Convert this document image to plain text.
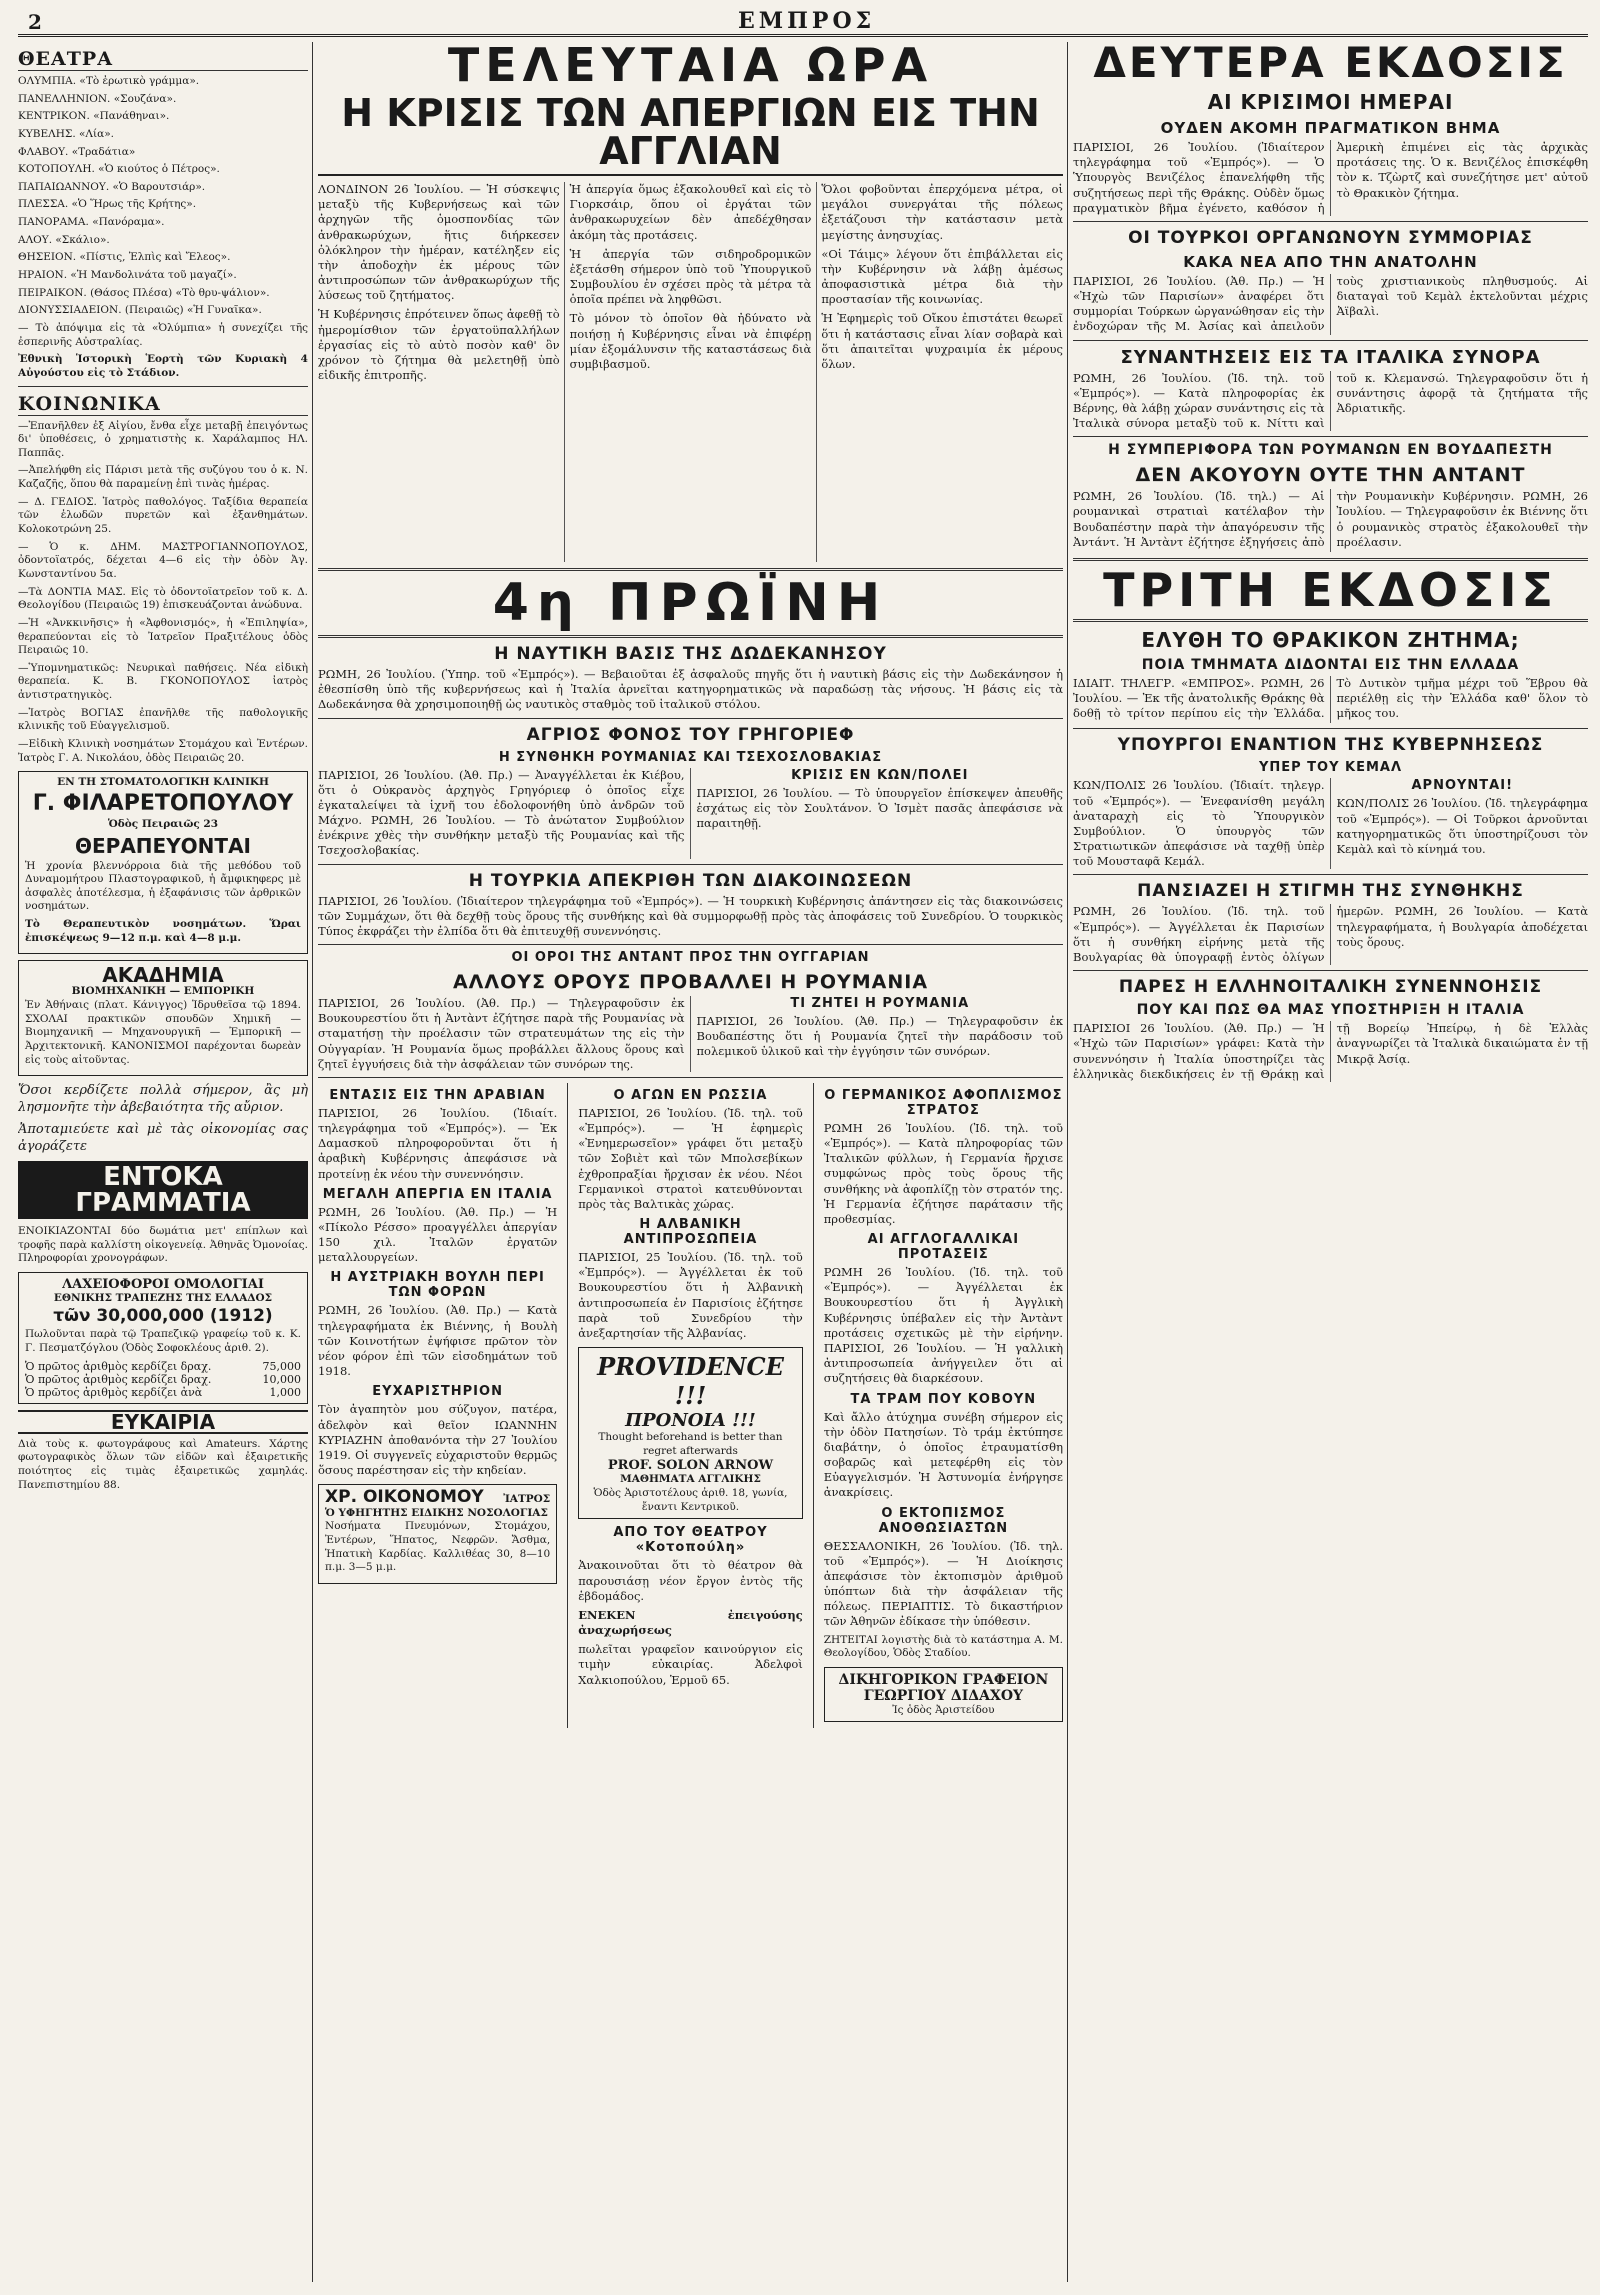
2	ΕΜΠΡΟΣ
ΘΕΑΤΡΑ

ΟΛΥΜΠΙΑ. «Τὸ ἐρωτικὸ γράμμα».

ΠΑΝΕΛΛΗΝΙΟΝ. «Σουζάνα».

ΚΕΝΤΡΙΚΟΝ. «Πανάθηναι».

ΚΥΒΕΛΗΣ. «Λία».

ΦΛΑΒΟΥ. «Τραδάτια»

ΚΟΤΟΠΟΥΛΗ. «Ὁ κιούτος ὁ Πέτρος».

ΠΑΠΑΙΩΑΝΝΟΥ. «Ὁ Βαρουτσιάρ».

ΠΛΕΣΣΑ. «Ὁ Ἥρως τῆς Κρήτης».

ΠΑΝΟΡΑΜΑ. «Πανόραμα».

ΑΛΟΥ. «Σκάλιο».

ΘΗΣΕΙΟΝ. «Πίστις, Ἐλπὶς καὶ Ἔλεος».

ΗΡΑΙΟΝ. «Ἡ Μανδολινάτα τοῦ μαγαζί».

ΠΕΙΡΑΙΚΟΝ. (Θάσος Πλέσα) «Τὸ θρυ-ψάλιον».

ΔΙΟΝΥΣΣΙΑΔΕΙΟΝ. (Πειραιῶς) «Ἡ Γυναῖκα».

— Τὸ ἀπόψιμα εἰς τὰ «Ὀλύμπια» ἡ συνεχίζει τῆς ἐσπερινῆς Αὐστραλίας.

Ἐθνικὴ Ἱστορικὴ Ἑορτὴ τῶν Κυριακὴ 4 Αὐγούστου εἰς τὸ Στάδιον.

ΚΟΙΝΩΝΙΚΑ

—Ἐπανῆλθεν ἐξ Αἰγίου, ἔνθα εἶχε μεταβῇ ἐπειγόντως δι' ὑποθέσεις, ὁ χρηματιστὴς κ. Χαράλαμπος ΗΛ. Παππᾶς.

—Ἀπελήφθη εἰς Πάρισι μετὰ τῆς συζύγου του ὁ κ. Ν. Καζαζῆς, ὅπου θὰ παραμείνῃ ἐπὶ τινὰς ἡμέρας.

— Δ. ΓΕΔΙΟΣ. Ἰατρὸς παθολόγος. Ταξίδια θεραπεία τῶν ἑλωδῶν πυρετῶν καὶ ἐξανθημάτων. Κολοκοτρώνη 25.

— Ὁ κ. ΔΗΜ. ΜΑΣΤΡΟΓΙΑΝΝΟΠΟΥΛΟΣ, ὀδοντοϊατρός, δέχεται 4—6 εἰς τὴν ὁδὸν Ἀγ. Κωνσταντίνου 5α.

—Τὰ ΔΟΝΤΙΑ ΜΑΣ. Εἰς τὸ ὀδοντοϊατρεῖον τοῦ κ. Δ. Θεολογίδου (Πειραιῶς 19) ἐπισκευάζονται ἀνώδυνα.

—Ἡ «Ἀνκκινῆσις» ἡ «Ἀφθονισμός», ἡ «Ἐπιληψία», θεραπεύονται εἰς τὸ Ἰατρεῖον Πραξιτέλους ὁδὸς Πειραιῶς 10.

—Ὑπομνηματικῶς: Νευρικαὶ παθήσεις. Νέα εἰδικὴ θεραπεία. Κ. Β. ΓΚΟΝΟΠΟΥΛΟΣ ἰατρὸς ἀντιστρατηγικὸς.

—Ἰατρὸς ΒΟΓΙΑΣ ἐπανῆλθε τῆς παθολογικῆς κλινικῆς τοῦ Εὐαγγελισμοῦ.

—Εἰδικὴ Κλινικὴ νοσημάτων Στομάχου καὶ Ἐντέρων. Ἰατρὸς Γ. Α. Νικολάου, ὁδὸς Πειραιῶς 20.

ΕΝ ΤΗ ΣΤΟΜΑΤΟΛΟΓΙΚΗ ΚΛΙΝΙΚΗ
Γ. ΦΙΛΑΡΕΤΟΠΟΥΛΟΥ
Ὁδὸς Πειραιῶς 23
ΘΕΡΑΠΕΥΟΝΤΑΙ

Ἡ χρονία βλεννόρροια διὰ τῆς μεθόδου τοῦ Δυναμομήτρου Πλαστογραφικοῦ, ἡ ἄμφικηφερς μὲ ἀσφαλὲς ἀποτέλεσμα, ἡ ἐξαφάνισις τῶν ἀρθρικῶν νοσημάτων.

Τὸ Θεραπευτικὸν νοσημάτων. Ὥραι ἐπισκέψεως 9—12 π.μ. καὶ 4—8 μ.μ.

ΑΚΑΔΗΜΙΑ
ΒΙΟΜΗΧΑΝΙΚΗ — ΕΜΠΟΡΙΚΗ

Ἐν Ἀθήναις (πλατ. Κάνιγγος) Ἱδρυθεῖσα τῷ 1894. ΣΧΟΛΑΙ πρακτικῶν σπουδῶν Χημικῆ — Βιομηχανικῆ — Μηχανουργικῆ — Ἐμπορικῆ — Ἀρχιτεκτονικῆ. ΚΑΝΟΝΙΣΜΟΙ παρέχονται δωρεὰν εἰς τοὺς αἰτοῦντας.

Ὅσοι κερδίζετε πολλὰ σήμερον, ἂς μὴ λησμονῆτε τὴν ἀβεβαιότητα τῆς αὔριον.

Ἀποταμιεύετε καὶ μὲ τὰς οἰκονομίας σας ἀγοράζετε

ΕΝΤΟΚΑ ΓΡΑΜΜΑΤΙΑ

ΕΝΟΙΚΙΑΖΟΝΤΑΙ δύο δωμάτια μετ' επίπλων καὶ τροφῆς παρὰ καλλίστη οἰκογενείᾳ. Ἀθηνᾶς Ὀμονοίας. Πληροφορίαι χρονογράφων.

ΛΑΧΕΙΟΦΟΡΟΙ ΟΜΟΛΟΓΙΑΙ
ΕΘΝΙΚΗΣ ΤΡΑΠΕΖΗΣ ΤΗΣ ΕΛΛΑΔΟΣ
τῶν 30,000,000 (1912)

Πωλοῦνται παρὰ τῷ Τραπεζικῷ γραφείῳ τοῦ κ. Κ. Γ. Πεσματζόγλου (Ὁδὸς Σοφοκλέους ἀριθ. 2).

Ὁ πρῶτος ἀριθμὸς κερδίζει δραχ.	75,000
Ὁ πρῶτος ἀριθμὸς κερδίζει δραχ.	10,000
Ὁ πρῶτος ἀριθμὸς κερδίζει ἀνὰ	1,000
ΕΥΚΑΙΡΙΑ

Διὰ τοὺς κ. φωτογράφους καὶ Amateurs. Χάρτης φωτογραφικὸς ὅλων τῶν εἰδῶν καὶ ἐξαιρετικῆς ποιότητος εἰς τιμὰς ἐξαιρετικῶς χαμηλάς. Πανεπιστημίου 88.

ΤΕΛΕΥΤΑΙΑ ΩΡΑ
Η ΚΡΙΣΙΣ ΤΩΝ ΑΠΕΡΓΙΩΝ ΕΙΣ ΤΗΝ ΑΓΓΛΙΑΝ

ΛΟΝΔΙΝΟΝ 26 Ἰουλίου. — Ἡ σύσκεψις μεταξὺ τῆς Κυβερνήσεως καὶ τῶν ἀρχηγῶν τῆς ὁμοσπονδίας τῶν ἀνθρακωρύχων, ἥτις διήρκεσεν ὁλόκληρον τὴν ἡμέραν, κατέληξεν εἰς τὴν ἀποδοχὴν ἐκ μέρους τῶν ἀντιπροσώπων τῶν ἀνθρακωρύχων τῆς λύσεως τοῦ ζητήματος.

Ἡ Κυβέρνησις ἐπρότεινεν ὅπως ἀφεθῇ τὸ ἡμερομίσθιον τῶν ἐργατοϋπαλλήλων ἐργασίας εἰς τὸ αὐτὸ ποσὸν καθ' ὃν χρόνον τὸ ζήτημα θὰ μελετηθῇ ὑπὸ εἰδικῆς ἐπιτροπῆς.

Ἡ ἀπεργία ὅμως ἐξακολουθεῖ καὶ εἰς τὸ Γιορκσάιρ, ὅπου οἱ ἐργάται τῶν ἀνθρακωρυχείων δὲν ἀπεδέχθησαν ἀκόμη τὰς προτάσεις.

Ἡ ἀπεργία τῶν σιδηροδρομικῶν ἐξετάσθη σήμερον ὑπὸ τοῦ Ὑπουργικοῦ Συμβουλίου ἐν σχέσει πρὸς τὰ μέτρα τὰ ὁποῖα πρέπει νὰ ληφθῶσι.

Τὸ μόνον τὸ ὁποῖον θὰ ἠδύνατο νὰ ποιήσῃ ἡ Κυβέρνησις εἶναι νὰ ἐπιφέρῃ μίαν ἐξομάλυνσιν τῆς καταστάσεως διὰ συμβιβασμοῦ.

Ὅλοι φοβοῦνται ἐπερχόμενα μέτρα, οἱ μεγάλοι συνεργάται τῆς πόλεως ἐξετάζουσι τὴν κατάστασιν μετὰ μεγίστης ἀνησυχίας.

«Οἱ Τάιμς» λέγουν ὅτι ἐπιβάλλεται εἰς τὴν Κυβέρνησιν νὰ λάβῃ ἀμέσως ἀποφασιστικὰ μέτρα διὰ τὴν προστασίαν τῆς κοινωνίας.

Ἡ Ἐφημερὶς τοῦ Οἴκου ἐπιστάτει θεωρεῖ ὅτι ἡ κατάστασις εἶναι λίαν σοβαρὰ καὶ ὅτι ἀπαιτεῖται ψυχραιμία ἐκ μέρους ὅλων.

4η ΠΡΩΪΝΗ
Η ΝΑΥΤΙΚΗ ΒΑΣΙΣ ΤΗΣ ΔΩΔΕΚΑΝΗΣΟΥ

ΡΩΜΗ, 26 Ἰουλίου. (Ὑπηρ. τοῦ «Ἐμπρός»). — Βεβαιοῦται ἐξ ἀσφαλοῦς πηγῆς ὅτι ἡ ναυτικὴ βάσις εἰς τὴν Δωδεκάνησον ἡ ἐθεσπίσθη ὑπὸ τῆς κυβερνήσεως καὶ ἡ Ἰταλία ἀρνεῖται κατηγορηματικῶς νὰ παραδώσῃ τὰς νήσους. Ἡ βάσις εἰς τὰ Δωδεκάνησα θὰ χρησιμοποιηθῇ ὡς ναυτικὸς σταθμὸς τοῦ ἰταλικοῦ στόλου.

ΑΓΡΙΟΣ ΦΟΝΟΣ ΤΟΥ ΓΡΗΓΟΡΙΕΦ
Η ΣΥΝΘΗΚΗ ΡΟΥΜΑΝΙΑΣ ΚΑΙ ΤΣΕΧΟΣΛΟΒΑΚΙΑΣ

ΠΑΡΙΣΙΟΙ, 26 Ἰουλίου. (Ἀθ. Πρ.) — Ἀναγγέλλεται ἐκ Κιέβου, ὅτι ὁ Οὐκρανὸς ἀρχηγὸς Γρηγόριεφ ὁ ὁποῖος εἶχε ἐγκαταλείψει τὰ ἰχνῆ του ἐδολοφονήθη ὑπὸ ἀνδρῶν τοῦ Μάχνο. ΡΩΜΗ, 26 Ἰουλίου. — Τὸ ἀνώτατον Συμβούλιον ἐνέκρινε χθὲς τὴν συνθήκην μεταξὺ τῆς Ρουμανίας καὶ τῆς Τσεχοσλοβακίας.

ΚΡΙΣΙΣ ΕΝ ΚΩΝ/ΠΟΛΕΙ

ΠΑΡΙΣΙΟΙ, 26 Ἰουλίου. — Τὸ ὑπουργεῖον ἐπίσκεψεν ἀπευθῆς ἐσχάτως εἰς τὸν Σουλτάνον. Ὁ Ἰσμὲτ πασᾶς ἀπεφάσισε νὰ παραιτηθῇ.

Η ΤΟΥΡΚΙΑ ΑΠΕΚΡΙΘΗ ΤΩΝ ΔΙΑΚΟΙΝΩΣΕΩΝ

ΠΑΡΙΣΙΟΙ, 26 Ἰουλίου. (Ἰδιαίτερον τηλεγράφημα τοῦ «Ἐμπρός»). — Ἡ τουρκικὴ Κυβέρνησις ἀπάντησεν εἰς τὰς διακοινώσεις τῶν Συμμάχων, ὅτι θὰ δεχθῇ τοὺς ὅρους τῆς συνθήκης καὶ θὰ συμμορφωθῇ πρὸς τὰς ἀποφάσεις τοῦ Συνεδρίου. Ὁ τουρκικὸς Τύπος ἐκφράζει τὴν ἐλπίδα ὅτι θὰ ἐπιτευχθῇ συνεννόησις.

ΟΙ ΟΡΟΙ ΤΗΣ ΑΝΤΑΝΤ ΠΡΟΣ ΤΗΝ ΟΥΓΓΑΡΙΑΝ
ΑΛΛΟΥΣ ΟΡΟΥΣ ΠΡΟΒΑΛΛΕΙ Η ΡΟΥΜΑΝΙΑ

ΠΑΡΙΣΙΟΙ, 26 Ἰουλίου. (Ἀθ. Πρ.) — Τηλεγραφοῦσιν ἐκ Βουκουρεστίου ὅτι ἡ Ἀντὰντ ἐζήτησε παρὰ τῆς Ρουμανίας νὰ σταματήσῃ τὴν προέλασιν τῶν στρατευμάτων της εἰς τὴν Οὐγγαρίαν. Ἡ Ρουμανία ὅμως προβάλλει ἄλλους ὅρους καὶ ζητεῖ ἐγγυήσεις διὰ τὴν ἀσφάλειαν τῶν συνόρων της.

ΤΙ ΖΗΤΕΙ Η ΡΟΥΜΑΝΙΑ

ΠΑΡΙΣΙΟΙ, 26 Ἰουλίου. (Ἀθ. Πρ.) — Τηλεγραφοῦσιν ἐκ Βουδαπέστης ὅτι ἡ Ρουμανία ζητεῖ τὴν παράδοσιν τοῦ πολεμικοῦ ὑλικοῦ καὶ τὴν ἐγγύησιν τῶν συνόρων.

ΕΝΤΑΣΙΣ ΕΙΣ ΤΗΝ ΑΡΑΒΙΑΝ

ΠΑΡΙΣΙΟΙ, 26 Ἰουλίου. (Ἰδιαίτ. τηλεγράφημα τοῦ «Ἐμπρός»). — Ἐκ Δαμασκοῦ πληροφοροῦνται ὅτι ἡ ἀραβικὴ Κυβέρνησις ἀπεφάσισε νὰ προτείνῃ ἐκ νέου τὴν συνεννόησιν.

ΜΕΓΑΛΗ ΑΠΕΡΓΙΑ ΕΝ ΙΤΑΛΙΑ

ΡΩΜΗ, 26 Ἰουλίου. (Ἀθ. Πρ.) — Ἡ «Πίκολο Ρέσσο» προαγγέλλει ἀπεργίαν 150 χιλ. Ἰταλῶν ἐργατῶν μεταλλουργείων.

Η ΑΥΣΤΡΙΑΚΗ ΒΟΥΛΗ ΠΕΡΙ ΤΩΝ ΦΟΡΩΝ

ΡΩΜΗ, 26 Ἰουλίου. (Ἀθ. Πρ.) — Κατὰ τηλεγραφήματα ἐκ Βιέννης, ἡ Βουλὴ τῶν Κοινοτήτων ἐψήφισε πρῶτον τὸν νέον φόρον ἐπὶ τῶν εἰσοδημάτων τοῦ 1918.

ΕΥΧΑΡΙΣΤΗΡΙΟΝ

Τὸν ἀγαπητὸν μου σύζυγον, πατέρα, ἀδελφὸν καὶ θεῖον ΙΩΑΝΝΗΝ ΚΥΡΙΑΖΗΝ ἀποθανόντα τὴν 27 Ἰουλίου 1919. Οἱ συγγενεῖς εὐχαριστοῦν θερμῶς ὅσους παρέστησαν εἰς τὴν κηδείαν.

ΧΡ. ΟΙΚΟΝΟΜΟΥ ἸΑΤΡΟΣ
Ὁ ΥΦΗΓΗΤΗΣ ΕΙΔΙΚΗΣ ΝΟΣΟΛΟΓΙΑΣ

Νοσήματα Πνευμόνων, Στομάχου, Ἐντέρων, Ἥπατος, Νεφρῶν. Ἄσθμα, Ἡπατικὴ Καρδίας. Καλλιθέας 30, 8—10 π.μ. 3—5 μ.μ.

Ο ΑΓΩΝ ΕΝ ΡΩΣΣΙΑ

ΠΑΡΙΣΙΟΙ, 26 Ἰουλίου. (Ἰδ. τηλ. τοῦ «Ἐμπρός»). — Ἡ ἐφημερὶς «Ἐνημερωσεῖον» γράφει ὅτι μεταξὺ τῶν Σοβιὲτ καὶ τῶν Μπολσεβίκων ἐχθροπραξίαι ἤρχισαν ἐκ νέου. Νέοι Γερμανικοὶ στρατοὶ κατευθύνονται πρὸς τὰς Βαλτικὰς χώρας.

Η ΑΛΒΑΝΙΚΗ ΑΝΤΙΠΡΟΣΩΠΕΙΑ

ΠΑΡΙΣΙΟΙ, 25 Ἰουλίου. (Ἰδ. τηλ. τοῦ «Ἐμπρός»). — Ἀγγέλλεται ἐκ τοῦ Βουκουρεστίου ὅτι ἡ Ἀλβανικὴ ἀντιπροσωπεία ἐν Παρισίοις ἐζήτησε παρὰ τοῦ Συνεδρίου τὴν ἀνεξαρτησίαν τῆς Ἀλβανίας.

PROVIDENCE !!!
ΠΡΟΝΟΙΑ !!!
Thought beforehand is better than regret afterwards
PROF. SOLON ARNOW
ΜΑΘΗΜΑΤΑ ΑΓΓΛΙΚΗΣ
Ὁδὸς Ἀριστοτέλους ἀριθ. 18, γωνία, ἔναντι Κεντρικοῦ.
ΑΠΟ ΤΟΥ ΘΕΑΤΡΟΥ «Κοτοπούλη»

Ἀνακοινοῦται ὅτι τὸ θέατρον θὰ παρουσιάσῃ νέον ἔργον ἐντὸς τῆς ἑβδομάδος.

ΕΝΕΚΕΝ ἐπειγούσης ἀναχωρήσεως

πωλεῖται γραφεῖον καινούργιον εἰς τιμὴν εὐκαιρίας. Ἀδελφοὶ Χαλκιοπούλου, Ἑρμοῦ 65.

Ο ΓΕΡΜΑΝΙΚΟΣ ΑΦΟΠΛΙΣΜΟΣ ΣΤΡΑΤΟΣ

ΡΩΜΗ 26 Ἰουλίου. (Ἰδ. τηλ. τοῦ «Ἐμπρός»). — Κατὰ πληροφορίας τῶν Ἰταλικῶν φύλλων, ἡ Γερμανία ἤρχισε συμφώνως πρὸς τοὺς ὅρους τῆς συνθήκης νὰ ἀφοπλίζῃ τὸν στρατόν της. Ἡ Γερμανία ἐζήτησε παράτασιν τῆς προθεσμίας.

ΑΙ ΑΓΓΛΟΓΑΛΛΙΚΑΙ ΠΡΟΤΑΣΕΙΣ

ΡΩΜΗ 26 Ἰουλίου. (Ἰδ. τηλ. τοῦ «Ἐμπρός»). — Ἀγγέλλεται ἐκ Βουκουρεστίου ὅτι ἡ Ἀγγλικὴ Κυβέρνησις ὑπέβαλεν εἰς τὴν Ἀντὰντ προτάσεις σχετικῶς μὲ τὴν εἰρήνην. ΠΑΡΙΣΙΟΙ, 26 Ἰουλίου. — Ἡ γαλλικὴ ἀντιπροσωπεία ἀνήγγειλεν ὅτι αἱ συζητήσεις θὰ διαρκέσουν.

ΤΑ ΤΡΑΜ ΠΟΥ ΚΟΒΟΥΝ

Καὶ ἄλλο ἀτύχημα συνέβη σήμερον εἰς τὴν ὁδὸν Πατησίων. Τὸ τράμ ἐκτύπησε διαβάτην, ὁ ὁποῖος ἐτραυματίσθη σοβαρῶς καὶ μετεφέρθη εἰς τὸν Εὐαγγελισμόν. Ἡ Ἀστυνομία ἐνήργησε ἀνακρίσεις.

Ο ΕΚΤΟΠΙΣΜΟΣ ΑΝΟΘΩΣΙΑΣΤΩΝ

ΘΕΣΣΑΛΟΝΙΚΗ, 26 Ἰουλίου. (Ἰδ. τηλ. τοῦ «Ἐμπρός»). — Ἡ Διοίκησις ἀπεφάσισε τὸν ἐκτοπισμὸν ἀριθμοῦ ὑπόπτων διὰ τὴν ἀσφάλειαν τῆς πόλεως. ΠΕΡΙΑΠΤΙΣ. Τὸ δικαστήριον τῶν Ἀθηνῶν ἐδίκασε τὴν ὑπόθεσιν.

ΖΗΤΕΙΤΑΙ λογιστὴς διὰ τὸ κατάστημα Α. Μ. Θεολογίδου, Ὁδὸς Σταδίου.

ΔΙΚΗΓΟΡΙΚΟΝ ΓΡΑΦΕΙΟΝ
ΓΕΩΡΓΙΟΥ ΔΙΔΑΧΟΥ
Ἰς ὁδὸς Ἀριστείδου
ΔΕΥΤΕΡΑ ΕΚΔΟΣΙΣ
ΑΙ ΚΡΙΣΙΜΟΙ ΗΜΕΡΑΙ
ΟΥΔΕΝ ΑΚΟΜΗ ΠΡΑΓΜΑΤΙΚΟΝ ΒΗΜΑ

ΠΑΡΙΣΙΟΙ, 26 Ἰουλίου. (Ἰδιαίτερον τηλεγράφημα τοῦ «Ἐμπρός»). — Ὁ Ὑπουργὸς Βενιζέλος ἐπανελήφθη τῆς συζητήσεως περὶ τῆς Θράκης. Οὐδὲν ὅμως πραγματικὸν βῆμα ἐγένετο, καθόσον ἡ Ἀμερικὴ ἐπιμένει εἰς τὰς ἀρχικὰς προτάσεις της. Ὁ κ. Βενιζέλος ἐπισκέφθη τὸν κ. Τζὼρτζ καὶ συνεζήτησε μετ' αὐτοῦ τὸ Θρακικὸν ζήτημα.

ΟΙ ΤΟΥΡΚΟΙ ΟΡΓΑΝΩΝΟΥΝ ΣΥΜΜΟΡΙΑΣ
ΚΑΚΑ ΝΕΑ ΑΠΟ ΤΗΝ ΑΝΑΤΟΛΗΝ

ΠΑΡΙΣΙΟΙ, 26 Ἰουλίου. (Ἀθ. Πρ.) — Ἡ «Ἠχὼ τῶν Παρισίων» ἀναφέρει ὅτι συμμορίαι Τούρκων ὠργανώθησαν εἰς τὴν ἐνδοχώραν τῆς Μ. Ἀσίας καὶ ἀπειλοῦν τοὺς χριστιανικοὺς πληθυσμούς. Αἱ διαταγαὶ τοῦ Κεμὰλ ἐκτελοῦνται μέχρις Ἀϊβαλὶ.

ΣΥΝΑΝΤΗΣΕΙΣ ΕΙΣ ΤΑ ΙΤΑΛΙΚΑ ΣΥΝΟΡΑ

ΡΩΜΗ, 26 Ἰουλίου. (Ἰδ. τηλ. τοῦ «Ἐμπρός»). — Κατὰ πληροφορίας ἐκ Βέρνης, θὰ λάβῃ χώραν συνάντησις εἰς τὰ Ἰταλικὰ σύνορα μεταξὺ τοῦ κ. Νίττι καὶ τοῦ κ. Κλεμανσώ. Τηλεγραφοῦσιν ὅτι ἡ συνάντησις ἀφορᾷ τὰ ζητήματα τῆς Ἀδριατικῆς.

Η ΣΥΜΠΕΡΙΦΟΡΑ ΤΩΝ ΡΟΥΜΑΝΩΝ ΕΝ ΒΟΥΔΑΠΕΣΤΗ
ΔΕΝ ΑΚΟΥΟΥΝ ΟΥΤΕ ΤΗΝ ΑΝΤΑΝΤ

ΡΩΜΗ, 26 Ἰουλίου. (Ἰδ. τηλ.) — Αἱ ρουμανικαὶ στρατιαὶ κατέλαβον τὴν Βουδαπέστην παρὰ τὴν ἀπαγόρευσιν τῆς Ἀντάντ. Ἡ Ἀντὰντ ἐζήτησε ἐξηγήσεις ἀπὸ τὴν Ρουμανικὴν Κυβέρνησιν. ΡΩΜΗ, 26 Ἰουλίου. — Τηλεγραφοῦσιν ἐκ Βιέννης ὅτι ὁ ρουμανικὸς στρατὸς ἐξακολουθεῖ τὴν προέλασιν.

ΤΡΙΤΗ ΕΚΔΟΣΙΣ
ΕΛΥΘΗ ΤΟ ΘΡΑΚΙΚΟΝ ΖΗΤΗΜΑ;
ΠΟΙΑ ΤΜΗΜΑΤΑ ΔΙΔΟΝΤΑΙ ΕΙΣ ΤΗΝ ΕΛΛΑΔΑ

ΙΔΙΑΙΤ. ΤΗΛΕΓΡ. «ΕΜΠΡΟΣ». ΡΩΜΗ, 26 Ἰουλίου. — Ἐκ τῆς ἀνατολικῆς Θράκης θὰ δοθῇ τὸ τρίτον περίπου εἰς τὴν Ἑλλάδα. Τὸ Δυτικὸν τμῆμα μέχρι τοῦ Ἕβρου θὰ περιέλθῃ εἰς τὴν Ἑλλάδα καθ' ὅλον τὸ μῆκος του.

ΥΠΟΥΡΓΟΙ ΕΝΑΝΤΙΟΝ ΤΗΣ ΚΥΒΕΡΝΗΣΕΩΣ
ΥΠΕΡ ΤΟΥ ΚΕΜΑΛ

ΚΩΝ/ΠΟΛΙΣ 26 Ἰουλίου. (Ἰδιαίτ. τηλεγρ. τοῦ «Ἐμπρός»). — Ἐνεφανίσθη μεγάλη ἀναταραχὴ εἰς τὸ Ὑπουργικὸν Συμβούλιον. Ὁ ὑπουργὸς τῶν Στρατιωτικῶν ἀπεφάσισε νὰ ταχθῇ ὑπὲρ τοῦ Μουσταφᾶ Κεμάλ.

ΑΡΝΟΥΝΤΑΙ!

ΚΩΝ/ΠΟΛΙΣ 26 Ἰουλίου. (Ἰδ. τηλεγράφημα τοῦ «Ἐμπρός»). — Οἱ Τοῦρκοι ἀρνοῦνται κατηγορηματικῶς ὅτι ὑποστηρίζουσι τὸν Κεμὰλ καὶ τὸ κίνημά του.

ΠΑΝΣΙΑΖΕΙ Η ΣΤΙΓΜΗ ΤΗΣ ΣΥΝΘΗΚΗΣ

ΡΩΜΗ, 26 Ἰουλίου. (Ἰδ. τηλ. τοῦ «Ἐμπρός»). — Ἀγγέλλεται ἐκ Παρισίων ὅτι ἡ συνθήκη εἰρήνης μετὰ τῆς Βουλγαρίας θὰ ὑπογραφῇ ἐντὸς ὀλίγων ἡμερῶν. ΡΩΜΗ, 26 Ἰουλίου. — Κατὰ τηλεγραφήματα, ἡ Βουλγαρία ἀποδέχεται τοὺς ὅρους.

ΠΑΡΕΣ Η ΕΛΛΗΝΟΙΤΑΛΙΚΗ ΣΥΝΕΝΝΟΗΣΙΣ
ΠΟΥ ΚΑΙ ΠΩΣ ΘΑ ΜΑΣ ΥΠΟΣΤΗΡΙΞΗ Η ΙΤΑΛΙΑ

ΠΑΡΙΣΙΟΙ 26 Ἰουλίου. (Ἀθ. Πρ.) — Ἡ «Ἠχὼ τῶν Παρισίων» γράφει: Κατὰ τὴν συνεννόησιν ἡ Ἰταλία ὑποστηρίζει τὰς ἑλληνικὰς διεκδικήσεις ἐν τῇ Θράκῃ καὶ τῇ Βορείῳ Ἠπείρῳ, ἡ δὲ Ἑλλὰς ἀναγνωρίζει τὰ Ἰταλικὰ δικαιώματα ἐν τῇ Μικρᾷ Ἀσίᾳ.
